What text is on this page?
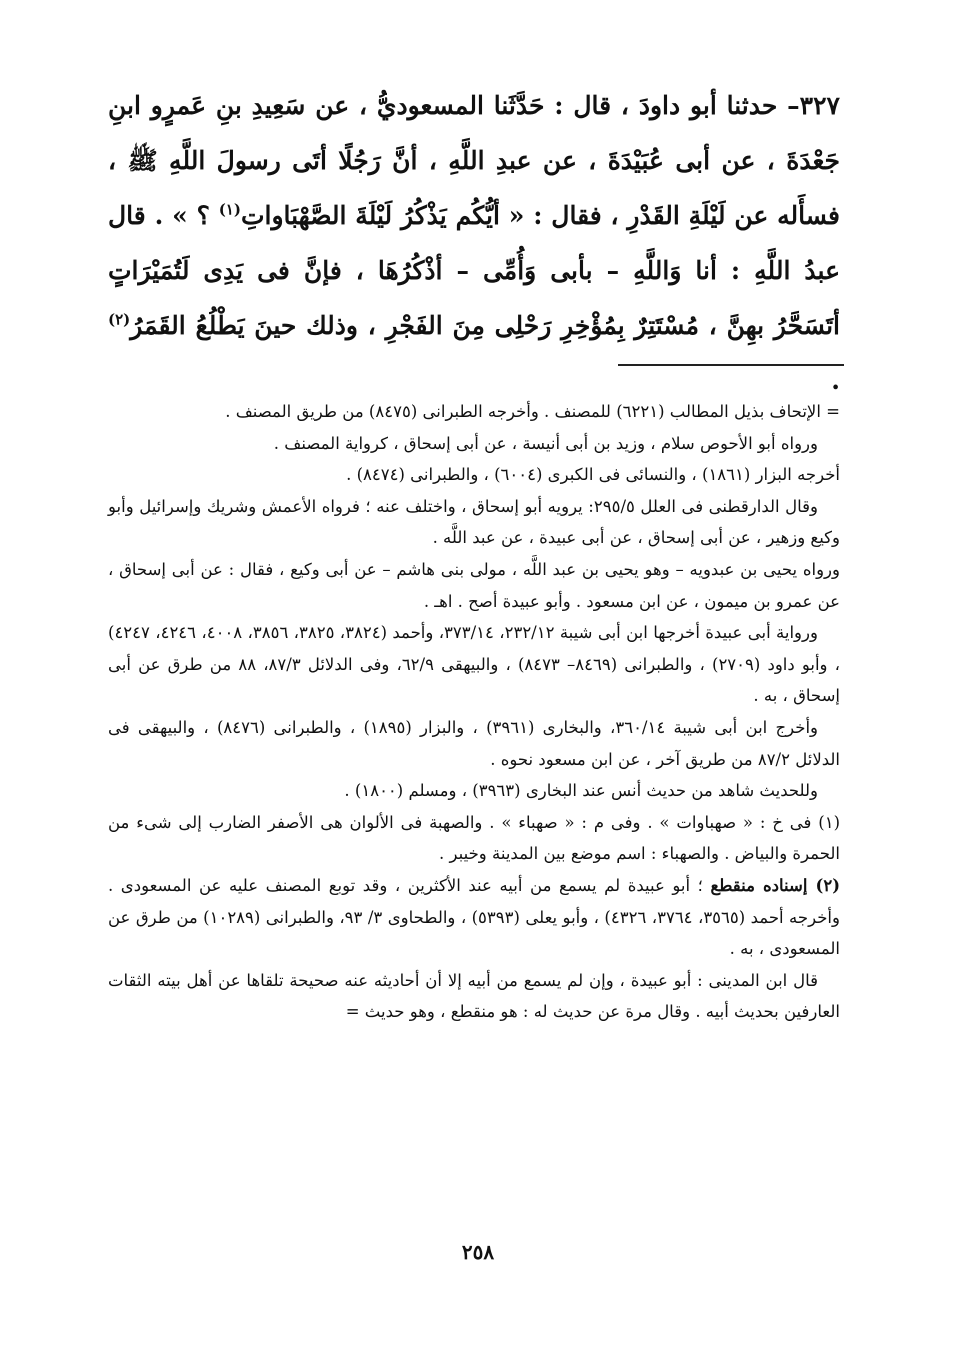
٣٢٧– حدثنا أبو داودَ ، قال : حَدَّثَنا المسعوديُّ ، عن سَعِيدِ بنِ عَمرٍو ابنِ جَعْدَةَ ، عن أبى عُبَيْدَةَ ، عن عبدِ اللَّهِ ، أنَّ رَجُلًا أتَى رسولَ اللَّهِ ﷺ ، فسأَله عن لَيْلَةِ القَدْرِ ، فقال : « أيُّكُم يَذْكُرُ لَيْلَةَ الصَّهْبَاواتِ$^{(١)}$ ؟ » . قال عبدُ اللَّهِ : أنا وَاللَّهِ – بأبى وَأُمِّى – أذْكُرُهَا ، فإنَّ فى يَدِى لَتُمَيْرَاتٍ أتَسَحَّرُ بهِنَّ ، مُسْتَتِرٌ بِمُؤْخِرِ رَحْلِى مِنَ الفَجْرِ ، وذلك حينَ يَطْلُعُ القَمَرُ$^{(٢)}$ .

= الإتحاف بذيل المطالب (٦٢٢١) للمصنف . وأخرجه الطبرانى (٨٤٧٥) من طريق المصنف .

ورواه أبو الأحوص سلام ، وزيد بن أبى أنيسة ، عن أبى إسحاق ، كرواية المصنف .

أخرجه البزار (١٨٦١) ، والنسائى فى الكبرى (٦٠٠٤) ، والطبرانى (٨٤٧٤) .

وقال الدارقطنى فى العلل ٢٩٥/٥: يرويه أبو إسحاق ، واختلف عنه ؛ فرواه الأعمش وشريك وإسرائيل وأبو وكيع وزهير ، عن أبى إسحاق ، عن أبى عبيدة ، عن عبد اللَّه .

ورواه يحيى بن عبدويه – وهو يحيى بن عبد اللَّه ، مولى بنى هاشم – عن أبى وكيع ، فقال : عن أبى إسحاق ، عن عمرو بن ميمون ، عن ابن مسعود . وأبو عبيدة أصح . اهـ .

ورواية أبى عبيدة أخرجها ابن أبى شيبة ٢٣٢/١٢، ٣٧٣/١٤، وأحمد (٣٨٢٤، ٣٨٢٥، ٣٨٥٦، ٤٠٠٨، ٤٢٤٦، ٤٢٤٧) ، وأبو داود (٢٧٠٩) ، والطبرانى (٨٤٦٩– ٨٤٧٣) ، والبيهقى ٦٢/٩، وفى الدلائل ٨٧/٣، ٨٨ من طرق عن أبى إسحاق ، به .

وأخرج ابن أبى شيبة ٣٦٠/١٤، والبخارى (٣٩٦١) ، والبزار (١٨٩٥) ، والطبرانى (٨٤٧٦) ، والبيهقى فى الدلائل ٨٧/٢ من طريق آخر ، عن ابن مسعود نحوه .

وللحديث شاهد من حديث أنس عند البخارى (٣٩٦٣) ، ومسلم (١٨٠٠) .

(١) فى خ : « صهباوات » . وفى م : « صهباء » . والصهبة فى الألوان هى الأصفر الضارب إلى شىء من الحمرة والبياض . والصهباء : اسم موضع بين المدينة وخيبر .

(٢) إسناده منقطع ؛ أبو عبيدة لم يسمع من أبيه عند الأكثرين ، وقد توبع المصنف عليه عن المسعودى . وأخرجه أحمد (٣٥٦٥، ٣٧٦٤، ٤٣٢٦) ، وأبو يعلى (٥٣٩٣) ، والطحاوى ٣/ ٩٣، والطبرانى (١٠٢٨٩) من طرق عن المسعودى ، به .

قال ابن المدينى : أبو عبيدة ، وإن لم يسمع من أبيه إلا أن أحاديثه عنه صحيحة تلقاها عن أهل بيته الثقات العارفين بحديث أبيه . وقال مرة عن حديث له : هو منقطع ، وهو حديث =

٢٥٨
